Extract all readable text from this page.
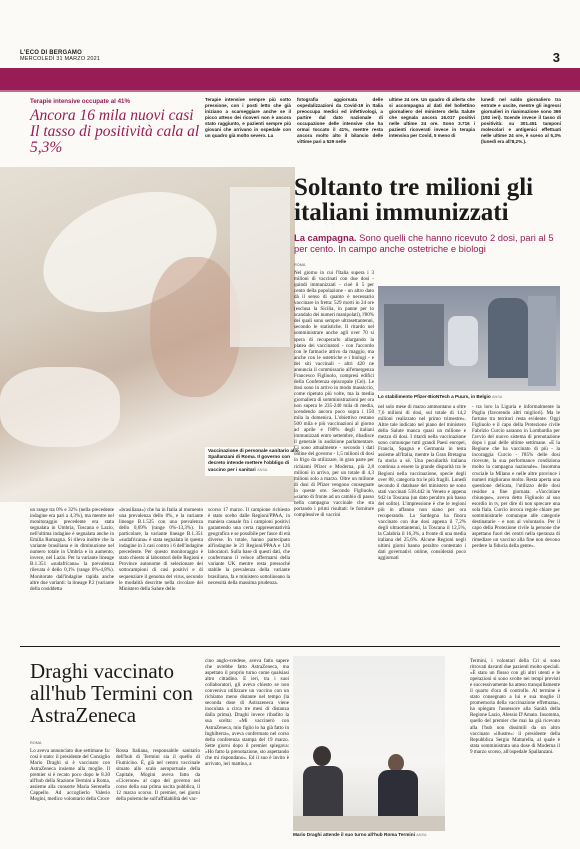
L'ECO DI BERGAMO
MERCOLEDÌ 31 MARZO 2021	3
Terapie intensive occupate al 41%
Ancora 16 mila nuovi casi Il tasso di positività cala al 5,3%
Terapie intensive sempre più sotto pressione, con i posti letto che già iniziano a scarseggiare anche se il picco atteso dei ricoveri non è ancora stato raggiunto, e pazienti sempre più giovani che arrivano in ospedale con un quadro già molto severo. La
fotografia aggiornata delle ospedalizzazioni da Covid-19 in Italia preoccupa medici ed infettivologi, a partire dal dato nazionale di occupazione delle intensive che ha ormai toccato il 41%, mentre resta ancora molto alto il bilancio delle vittime pari a 529 nelle
ultime 24 ore. Un quadro di allerta che si accompagna al dati del bollettino giornaliero del ministero della Salute che segnala ancora 16.017 positivi nelle ultime 24 ore. Sono 3.716 i pazienti ricoverati invece in terapia intensiva per Covid, 5 meno di
lunedì nel saldo giornaliero tra entrate e uscite, mentre gli ingressi giornalieri in rianimazione sono 369 (192 ieri). Scende invece il tasso di positività: su 301.451 tamponi molecolari e antigenici effettuati nelle ultime 24 ore, è sceso al 5,3% (lunedì era all'8,2%.).
Vaccinazione di personale sanitario allo Spallanzani di Roma. Il governo con decreto intende mettere l'obbligo di vaccino per i sanitari ANSA
Soltanto tre milioni gli italiani immunizzati
La campagna. Sono quelli che hanno ricevuto 2 dosi, pari al 5 per cento. In campo anche ostetriche e biologi
ROMA
Nel giorno in cui l'Italia supera i 3 milioni di vaccinati con due dosi - quindi immunizzati - cioè il 5 per cento della popolazione - un altro dato dà il senso di quanto è necessario vaccinare in fretta: 529 morti in 24 ore (esclusa la Sicilia, in panne per lo scandalo dei numeri manipolati), l'80% dei quali sono sempre ultrasettantenni, secondo le statistiche. Il ritardo nel somministrare anche agli over 70 si spera di recuperarlo allargando la platea dei vaccinatori - con l'accordo con le farmacie attivo da maggio, ma anche con le ostetriche e i biologi - e dei siti vaccinali - altri 420 ne annuncia il commissario all'emergenza Francesco Figliuolo, compresi edifici della Conferenza episcopale (Cei). Le dosi sono in arrivo in modo massiccio, come ripetuto più volte, ma la media giornaliera di somministrazioni per ora non supera le 235-240 mila di media, scendendo ancora poco sopra i 150 mila la domenica. L'obiettivo restano 500 mila e più vaccinazioni al giorno ad aprile e l'80% degli italiani immunizzati entro settembre, ribadisce il generale in audizione parlamentare. Ci sono attualmente - secondo i dati online del governo - 1,5 milioni di dosi in frigo da utilizzare, in gran parte per richiami Pfizer e Moderna, più 2,8 milioni in arrivo, per un totale di 4,3 milioni solo a marzo. Oltre un milione di dosi di Pfizer vengono consegnate in queste ore. Secondo Figliuolo, «siamo di fronte ad un cambio di passo nella campagna vaccinale che sta portando i primi risultati: le forniture complessive di vaccini
Lo stabilimento Pfizer-BioNTech a Puurs, in Belgio ANSA
nel solo mese di marzo ammontano a oltre 7,6 milioni di dosi, sul totale di 14,2 milioni realizzato nel primo trimestre». Altre tale indicato nel piano del ministero della Salute manca quasi un milione e mezzo di dosi. I ritardi nella vaccinazione sono comunque tutti grandi Paesi europei, Francia, Spagna e Germania in testa assieme all'Italia, mentre la Gran Bretagna fa storia a sé. Una peculiarità italiana continua a essere la grande disparità tra le Regioni nella vaccinazione, specie degli over 80, categoria tra le più fragili. Lunedì secondo il database del ministero ne sono stati vaccinati 518.442 in Veneto e appena 942 in Toscana (un dato peraltro più basso del solito). L'impressione è che le regioni più in affanno non siano per ora recuperando. La Sardegna ha finora vaccinato con due dosi appena il 7,2% degli ultraottantenni, la Toscana il 12,5%, la Calabria il 16,3%, a fronte di una media italiana del 25,6%. Alcune Regioni negli ultimi giorni hanno peraltro contestato i dati governativi online, considerati poco aggiornati
- tra loro la Liguria e informalmente la Puglia (favorendo altri migliori). Ma le fortune tra territori resta evidente. Oggi Figliuolo e il capo della Protezione civile Fabrizio Curcio saranno in Lombardia per l'avvio del nuovo sistema di prenotazione dopo i guai delle ultime settimane. «E la Regione che ha vaccinato di più - la incoraggia Curcio - l'85% delle dosi ricevute, la sua performance condiziona molto la campagna nazionale». Insomma cruciale la Milano e nelle altre province i numeri migliorano molto. Resta aperta una questione delicata, l'utilizzo delle dosi residue a fine giornata. «Vacciniare chiunque», aveva detto Figliuolo al suo esordio in tv, per dire di non sprecare una sola fiala. Curcio invoca regole chiare per somministrarle comunque alle categorie destinatarie - e non al volontario. Per il capo della Protezione civile la persone che aspettano fuori dei centri nella speranza di rimediare un vaccino alla fine non devono perdere la fiducia della gente».
un range tra 0% e 32% (nella precedente indagine era pari a 4,3%), ma mentre nel monitoraggio precedente era stata segnalata in Umbria, Toscana e Lazio, nell'ultima indagine è segnalata anche in Emilia Romagna. Si rileva inoltre che la variante brasiliana e in diminuzione nel numero totale in Umbria e in aumento, invece, nel Lazio. Per la variante lineage B.1.351 «sudafricana» la prevalenza rilevata è dello 0,1% (range 0%-4,8%). Monitorate dall'indagine rapida anche altre due varianti: la lineage P.2 (variante della cosiddetta
«brasiliana») che ha in Italia al momento una prevalenza dello 0%, e la variante lineage B.1.525 con una prevalenza dello 0,69% (range 0%-13,3%). In particolare, la variante lineage B.1.351 «sudafricana» è stata segnalata in questa indagine in 3 casi contro i 6 dell'indagine precedente. Per questo monitoraggio è stato chiesto ai laboratori delle Regioni e Province autonome di selezionare dei sottocampioni di casi positivi e di sequenziare il genoma del virus, secondo le modalità descritte nella circolare del Ministero della Salute dello
scorso 17 marzo. Il campione richiesto è stato scelto dalle Regioni/PPAA, in maniera casuale fra i campioni positivi garantendo una certa rappresentatività geografica e se possibile per fasce di età diverse. In totale, hanno partecipato all'indagine le 21 Regioni/PPAA e 126 laboratori. Sulla base di questi dati, che confermano il veloce affermarsi della variante UK mentre resta pressoché stabile la prevalenza della variante brasiliana, fa e ministero sottolineano la necessità della massima prudenza.
Draghi vaccinato all'hub Termini con AstraZeneca
ROMA
Lo aveva annunciato due settimane fa: così è stato: il presidente del Consiglio Mario Draghi si è vaccinato con AstraZeneca insieme alla moglie. Il premier si è recato poco dopo le 8.30 all'hub della Stazione Termini a Roma, assieme alla consorte Maria Serenella Cappello. Ad accoglierlo Valerio Mogini, medico volontario della Croce
Rossa Italiana, responsabile sanitario dell'hub di Termini sia il quello di Fiumicino. È, già nel centro vaccinale situato allo scalo aeroportuale della Capitale, Mogini aveva fatto da «Cicerone» al capo del governo nel corso della sua prima uscita pubblica, il 12 marzo scorso. Il premier, nei giorni della polemiche sull'affidabilità del vac-
cino anglo-svedese, aveva fatto sapere che avrebbe fatto AstraZeneca, ma aspettato il proprio turno come qualsiasi altro cittadino. E ieri, tra i suoi collaboratori, gli aveva chiesto se non conveniva utilizzare un vaccino con un richiamo meno distante nel tempo (la seconda dose di Astrazeneca viene inoculata a circa tre mesi di distanza dalla prima). Draghi invece ribadito la sua scelta: «Mi vaccinerò con AstraZeneca, mio figlio lo ha già fatto in Inghilterra», aveva confermato nel corso della conferenza stampa del 19 marzo. Sette giorni dopo il premier spiegava: «Ho fatto la prenotazione, sto aspettando che mi rispondano». Ed il suo è invito è arrivato, ieri mattina, a
Mario Draghi attende il suo turno all'hub Roma Termini ANSA
Termini, i volontari della Cri si sono ritrovati davanti due pazienti molto speciali. «È stato un flusso con gli altri utenti e le operazioni si sono svolte nei tempi previsti e successivamente ha atteso tranquillamente il quarto d'ora di controllo. Al termine è stato consegnato a lui e sua moglie il promemoria della vaccinazione effettuata», ha spiegato l'assessore alla Sanità della Regione Lazio, Alessio D'Amato. Insomma, quello del premier che mai ha già ricevuto alla l'hub non dissimili da un altro vaccinato «illustre»: il presidente della Repubblica Sergio Mattarella, al quale è stata somministrata una dose di Moderna il 9 marzo scorso, all'ospedale Spallanzani.
